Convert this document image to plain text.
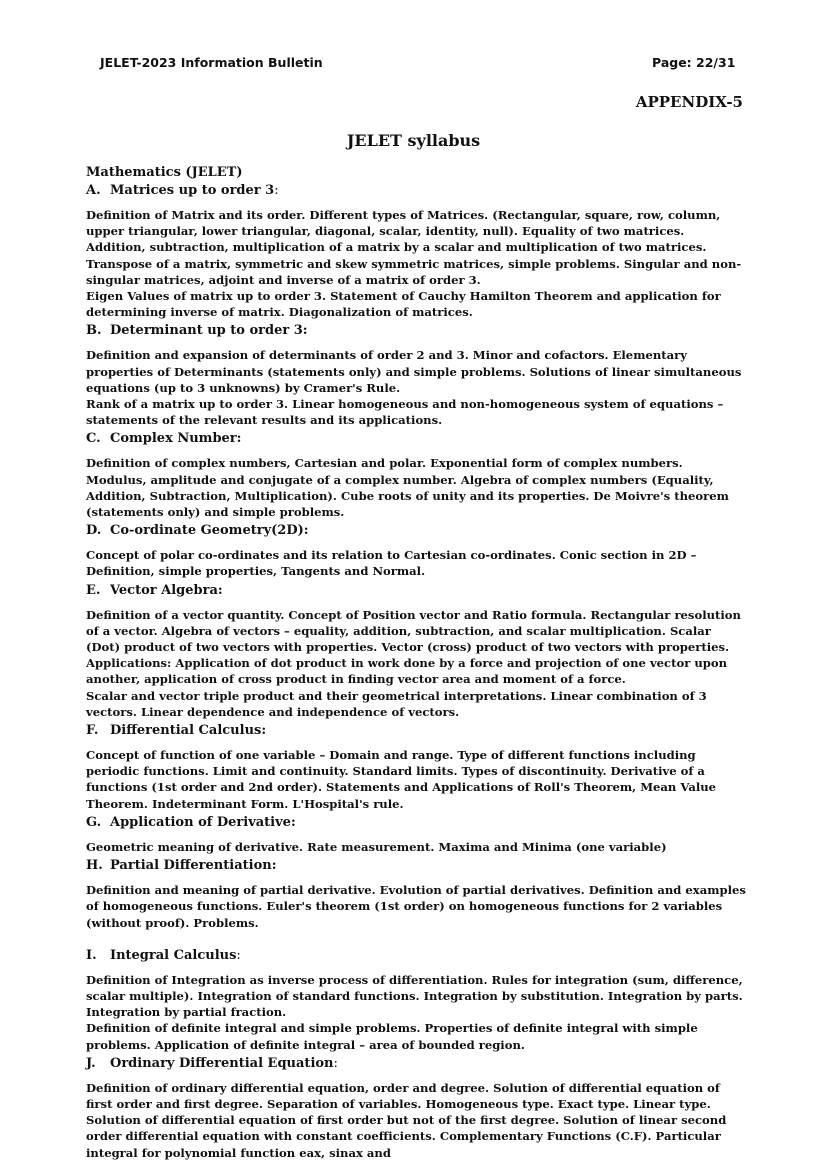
JELET-2023 Information Bulletin	Page: 22/31
APPENDIX-5
JELET syllabus

Mathematics (JELET)

A. Matrices up to order 3:

Definition of Matrix and its order. Different types of Matrices. (Rectangular, square, row, column, upper triangular, lower triangular, diagonal, scalar, identity, null). Equality of two matrices. Addition, subtraction, multiplication of a matrix by a scalar and multiplication of two matrices. Transpose of a matrix, symmetric and skew symmetric matrices, simple problems. Singular and non-singular matrices, adjoint and inverse of a matrix of order 3.

Eigen Values of matrix up to order 3. Statement of Cauchy Hamilton Theorem and application for determining inverse of matrix. Diagonalization of matrices.

B. Determinant up to order 3:

Definition and expansion of determinants of order 2 and 3. Minor and cofactors. Elementary properties of Determinants (statements only) and simple problems. Solutions of linear simultaneous equations (up to 3 unknowns) by Cramer's Rule.

Rank of a matrix up to order 3. Linear homogeneous and non-homogeneous system of equations – statements of the relevant results and its applications.

C. Complex Number:

Definition of complex numbers, Cartesian and polar. Exponential form of complex numbers. Modulus, amplitude and conjugate of a complex number. Algebra of complex numbers (Equality, Addition, Subtraction, Multiplication). Cube roots of unity and its properties. De Moivre's theorem (statements only) and simple problems.

D. Co-ordinate Geometry(2D):

Concept of polar co-ordinates and its relation to Cartesian co-ordinates. Conic section in 2D – Definition, simple properties, Tangents and Normal.

E. Vector Algebra:

Definition of a vector quantity. Concept of Position vector and Ratio formula. Rectangular resolution of a vector. Algebra of vectors – equality, addition, subtraction, and scalar multiplication. Scalar (Dot) product of two vectors with properties. Vector (cross) product of two vectors with properties. Applications: Application of dot product in work done by a force and projection of one vector upon another, application of cross product in finding vector area and moment of a force.

Scalar and vector triple product and their geometrical interpretations. Linear combination of 3 vectors. Linear dependence and independence of vectors.

F. Differential Calculus:

Concept of function of one variable – Domain and range. Type of different functions including periodic functions. Limit and continuity. Standard limits. Types of discontinuity. Derivative of a functions (1st order and 2nd order). Statements and Applications of Roll's Theorem, Mean Value Theorem. Indeterminant Form. L'Hospital's rule.

G. Application of Derivative:

Geometric meaning of derivative. Rate measurement. Maxima and Minima (one variable)

H. Partial Differentiation:

Definition and meaning of partial derivative. Evolution of partial derivatives. Definition and examples of homogeneous functions. Euler's theorem (1st order) on homogeneous functions for 2 variables (without proof). Problems.

I. Integral Calculus:

Definition of Integration as inverse process of differentiation. Rules for integration (sum, difference, scalar multiple). Integration of standard functions. Integration by substitution. Integration by parts. Integration by partial fraction.

Definition of definite integral and simple problems. Properties of definite integral with simple problems. Application of definite integral – area of bounded region.

J. Ordinary Differential Equation:

Definition of ordinary differential equation, order and degree. Solution of differential equation of first order and first degree. Separation of variables. Homogeneous type. Exact type. Linear type. Solution of differential equation of first order but not of the first degree. Solution of linear second order differential equation with constant coefficients. Complementary Functions (C.F). Particular integral for polynomial function eax, sinax and
